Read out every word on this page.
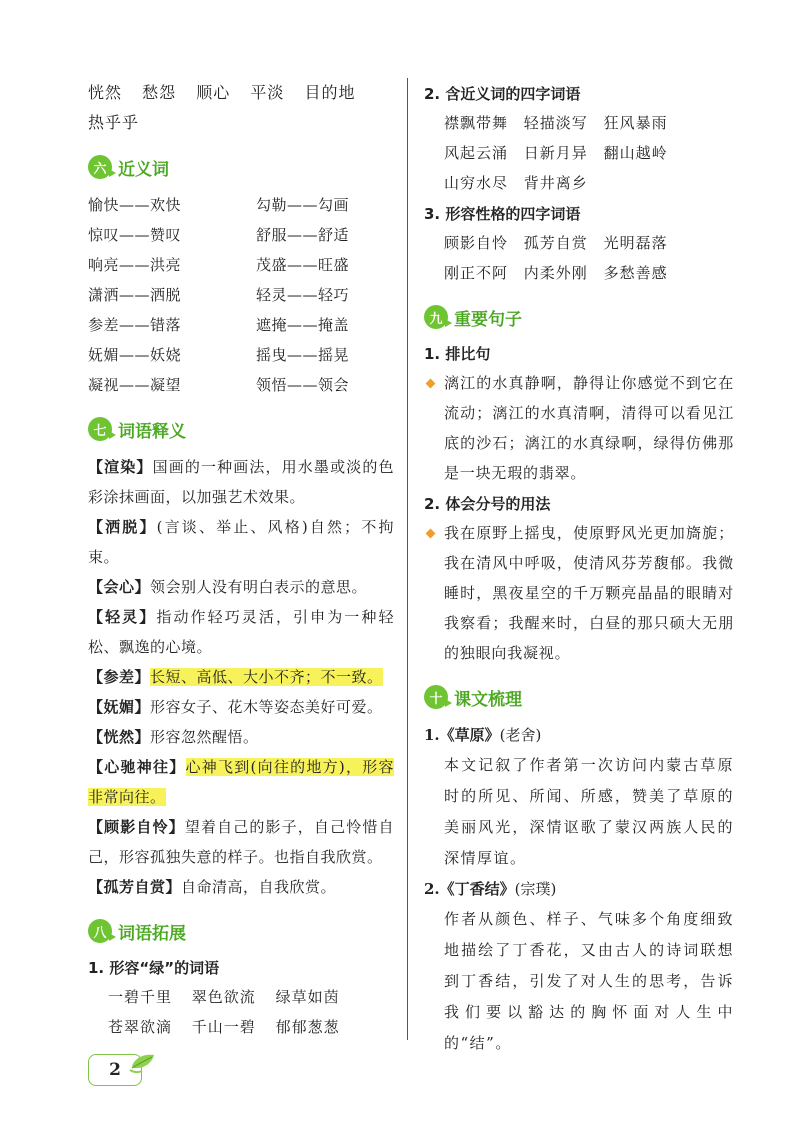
恍然 愁怨 顺心 平淡 目的地
热乎乎
六 近义词
愉快——欢快	勾勒——勾画
惊叹——赞叹	舒服——舒适
响亮——洪亮	茂盛——旺盛
潇洒——洒脱	轻灵——轻巧
参差——错落	遮掩——掩盖
妩媚——妖娆	摇曳——摇晃
凝视——凝望	领悟——领会
七 词语释义
【渲染】国画的一种画法，用水墨或淡的色彩涂抹画面，以加强艺术效果。
【洒脱】(言谈、举止、风格)自然；不拘束。
【会心】领会别人没有明白表示的意思。
【轻灵】指动作轻巧灵活，引申为一种轻松、飘逸的心境。
【参差】长短、高低、大小不齐；不一致。
【妩媚】形容女子、花木等姿态美好可爱。
【恍然】形容忽然醒悟。
【心驰神往】心神飞到(向往的地方)，形容非常向往。
【顾影自怜】望着自己的影子，自己怜惜自己，形容孤独失意的样子。也指自我欣赏。
【孤芳自赏】自命清高，自我欣赏。
八 词语拓展
1. 形容“绿”的词语
一碧千里 翠色欲流 绿草如茵
苍翠欲滴 千山一碧 郁郁葱葱
2. 含近义词的四字词语
襟飘带舞 轻描淡写 狂风暴雨
风起云涌 日新月异 翻山越岭
山穷水尽 背井离乡
3. 形容性格的四字词语
顾影自怜 孤芳自赏 光明磊落
刚正不阿 内柔外刚 多愁善感
九 重要句子
1. 排比句
漓江的水真静啊，静得让你感觉不到它在流动；漓江的水真清啊，清得可以看见江底的沙石；漓江的水真绿啊，绿得仿佛那是一块无瑕的翡翠。
2. 体会分号的用法
我在原野上摇曳，使原野风光更加旖旎；我在清风中呼吸，使清风芬芳馥郁。我微睡时，黑夜星空的千万颗亮晶晶的眼睛对我察看；我醒来时，白昼的那只硕大无朋的独眼向我凝视。
十 课文梳理
1.《草原》(老舍)
本文记叙了作者第一次访问内蒙古草原时的所见、所闻、所感，赞美了草原的美丽风光，深情讴歌了蒙汉两族人民的深情厚谊。
2.《丁香结》(宗璞)
作者从颜色、样子、气味多个角度细致地描绘了丁香花，又由古人的诗词联想到丁香结，引发了对人生的思考，告诉我们要以豁达的胸怀面对人生中的“结”。
2
